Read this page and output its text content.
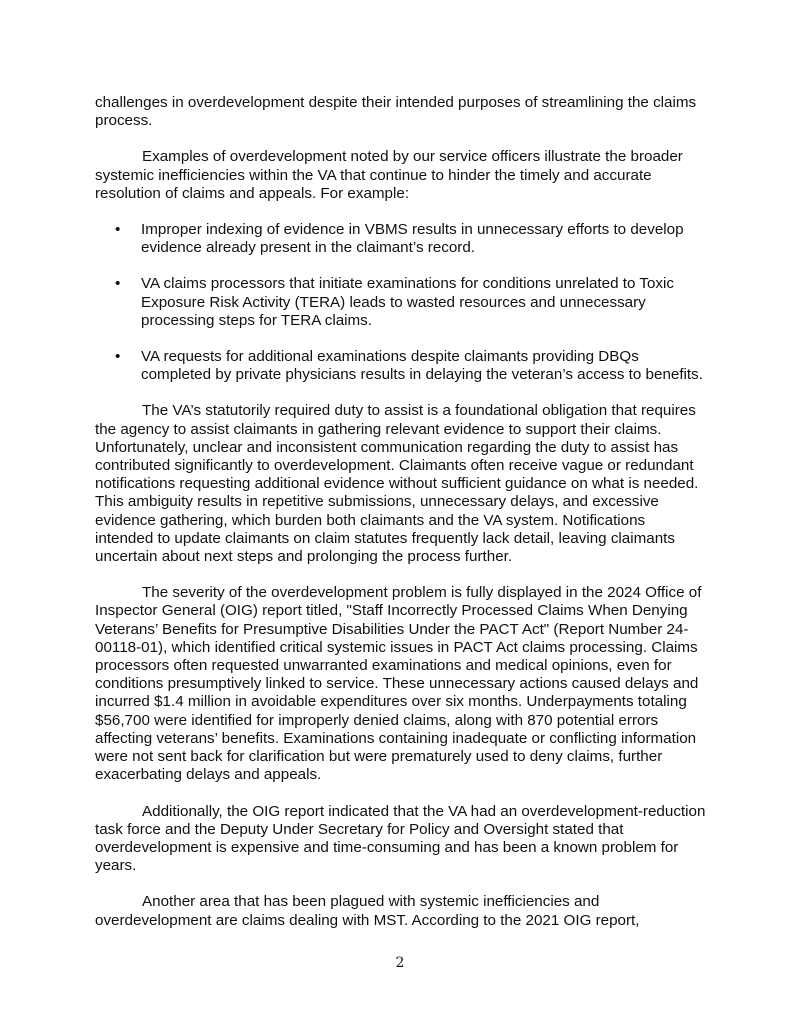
challenges in overdevelopment despite their intended purposes of streamlining the claims process.

Examples of overdevelopment noted by our service officers illustrate the broader systemic inefficiencies within the VA that continue to hinder the timely and accurate resolution of claims and appeals. For example:

• Improper indexing of evidence in VBMS results in unnecessary efforts to develop evidence already present in the claimant’s record.
• VA claims processors that initiate examinations for conditions unrelated to Toxic Exposure Risk Activity (TERA) leads to wasted resources and unnecessary processing steps for TERA claims.
• VA requests for additional examinations despite claimants providing DBQs completed by private physicians results in delaying the veteran’s access to benefits.

The VA’s statutorily required duty to assist is a foundational obligation that requires the agency to assist claimants in gathering relevant evidence to support their claims. Unfortunately, unclear and inconsistent communication regarding the duty to assist has contributed significantly to overdevelopment. Claimants often receive vague or redundant notifications requesting additional evidence without sufficient guidance on what is needed. This ambiguity results in repetitive submissions, unnecessary delays, and excessive evidence gathering, which burden both claimants and the VA system. Notifications intended to update claimants on claim statutes frequently lack detail, leaving claimants uncertain about next steps and prolonging the process further.

The severity of the overdevelopment problem is fully displayed in the 2024 Office of Inspector General (OIG) report titled, "Staff Incorrectly Processed Claims When Denying Veterans’ Benefits for Presumptive Disabilities Under the PACT Act" (Report Number 24-00118-01), which identified critical systemic issues in PACT Act claims processing. Claims processors often requested unwarranted examinations and medical opinions, even for conditions presumptively linked to service. These unnecessary actions caused delays and incurred $1.4 million in avoidable expenditures over six months. Underpayments totaling $56,700 were identified for improperly denied claims, along with 870 potential errors affecting veterans’ benefits. Examinations containing inadequate or conflicting information were not sent back for clarification but were prematurely used to deny claims, further exacerbating delays and appeals.

Additionally, the OIG report indicated that the VA had an overdevelopment-reduction task force and the Deputy Under Secretary for Policy and Oversight stated that overdevelopment is expensive and time-consuming and has been a known problem for years.

Another area that has been plagued with systemic inefficiencies and overdevelopment are claims dealing with MST. According to the 2021 OIG report,

2
